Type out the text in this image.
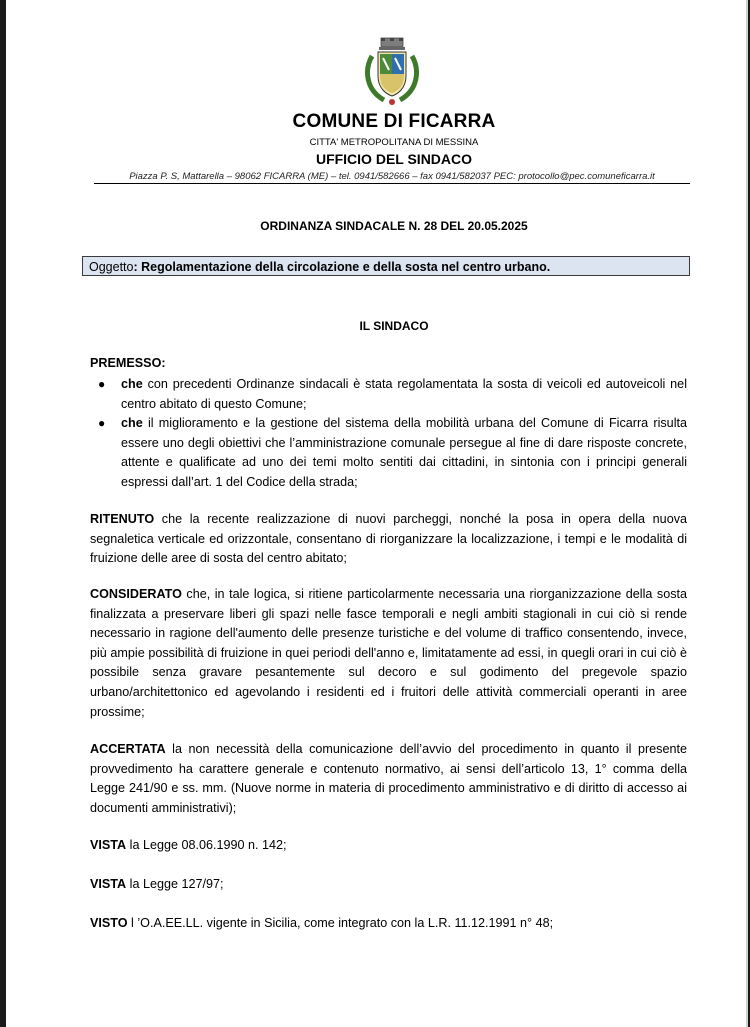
COMUNE DI FICARRA
CITTA' METROPOLITANA DI MESSINA
UFFICIO DEL SINDACO
Piazza P. S, Mattarella – 98062 FICARRA (ME) – tel. 0941/582666 – fax 0941/582037 PEC: protocollo@pec.comuneficarra.it
ORDINANZA SINDACALE N. 28 DEL 20.05.2025
Oggetto: Regolamentazione della circolazione e della sosta nel centro urbano.
IL SINDACO
PREMESSO:
● che con precedenti Ordinanze sindacali è stata regolamentata la sosta di veicoli ed autoveicoli nel centro abitato di questo Comune;
● che il miglioramento e la gestione del sistema della mobilità urbana del Comune di Ficarra risulta essere uno degli obiettivi che l’amministrazione comunale persegue al fine di dare risposte concrete, attente e qualificate ad uno dei temi molto sentiti dai cittadini, in sintonia con i principi generali espressi dall’art. 1 del Codice della strada;
RITENUTO che la recente realizzazione di nuovi parcheggi, nonché la posa in opera della nuova segnaletica verticale ed orizzontale, consentano di riorganizzare la localizzazione, i tempi e le modalità di fruizione delle aree di sosta del centro abitato;
CONSIDERATO che, in tale logica, si ritiene particolarmente necessaria una riorganizzazione della sosta finalizzata a preservare liberi gli spazi nelle fasce temporali e negli ambiti stagionali in cui ciò si rende necessario in ragione dell'aumento delle presenze turistiche e del volume di traffico consentendo, invece, più ampie possibilità di fruizione in quei periodi dell'anno e, limitatamente ad essi, in quegli orari in cui ciò è possibile senza gravare pesantemente sul decoro e sul godimento del pregevole spazio urbano/architettonico ed agevolando i residenti ed i fruitori delle attività commerciali operanti in aree prossime;
ACCERTATA la non necessità della comunicazione dell’avvio del procedimento in quanto il presente provvedimento ha carattere generale e contenuto normativo, ai sensi dell’articolo 13, 1° comma della Legge 241/90 e ss. mm. (Nuove norme in materia di procedimento amministrativo e di diritto di accesso ai documenti amministrativi);
VISTA la Legge 08.06.1990 n. 142;
VISTA la Legge 127/97;
VISTO l ’O.A.EE.LL. vigente in Sicilia, come integrato con la L.R. 11.12.1991 n° 48;
